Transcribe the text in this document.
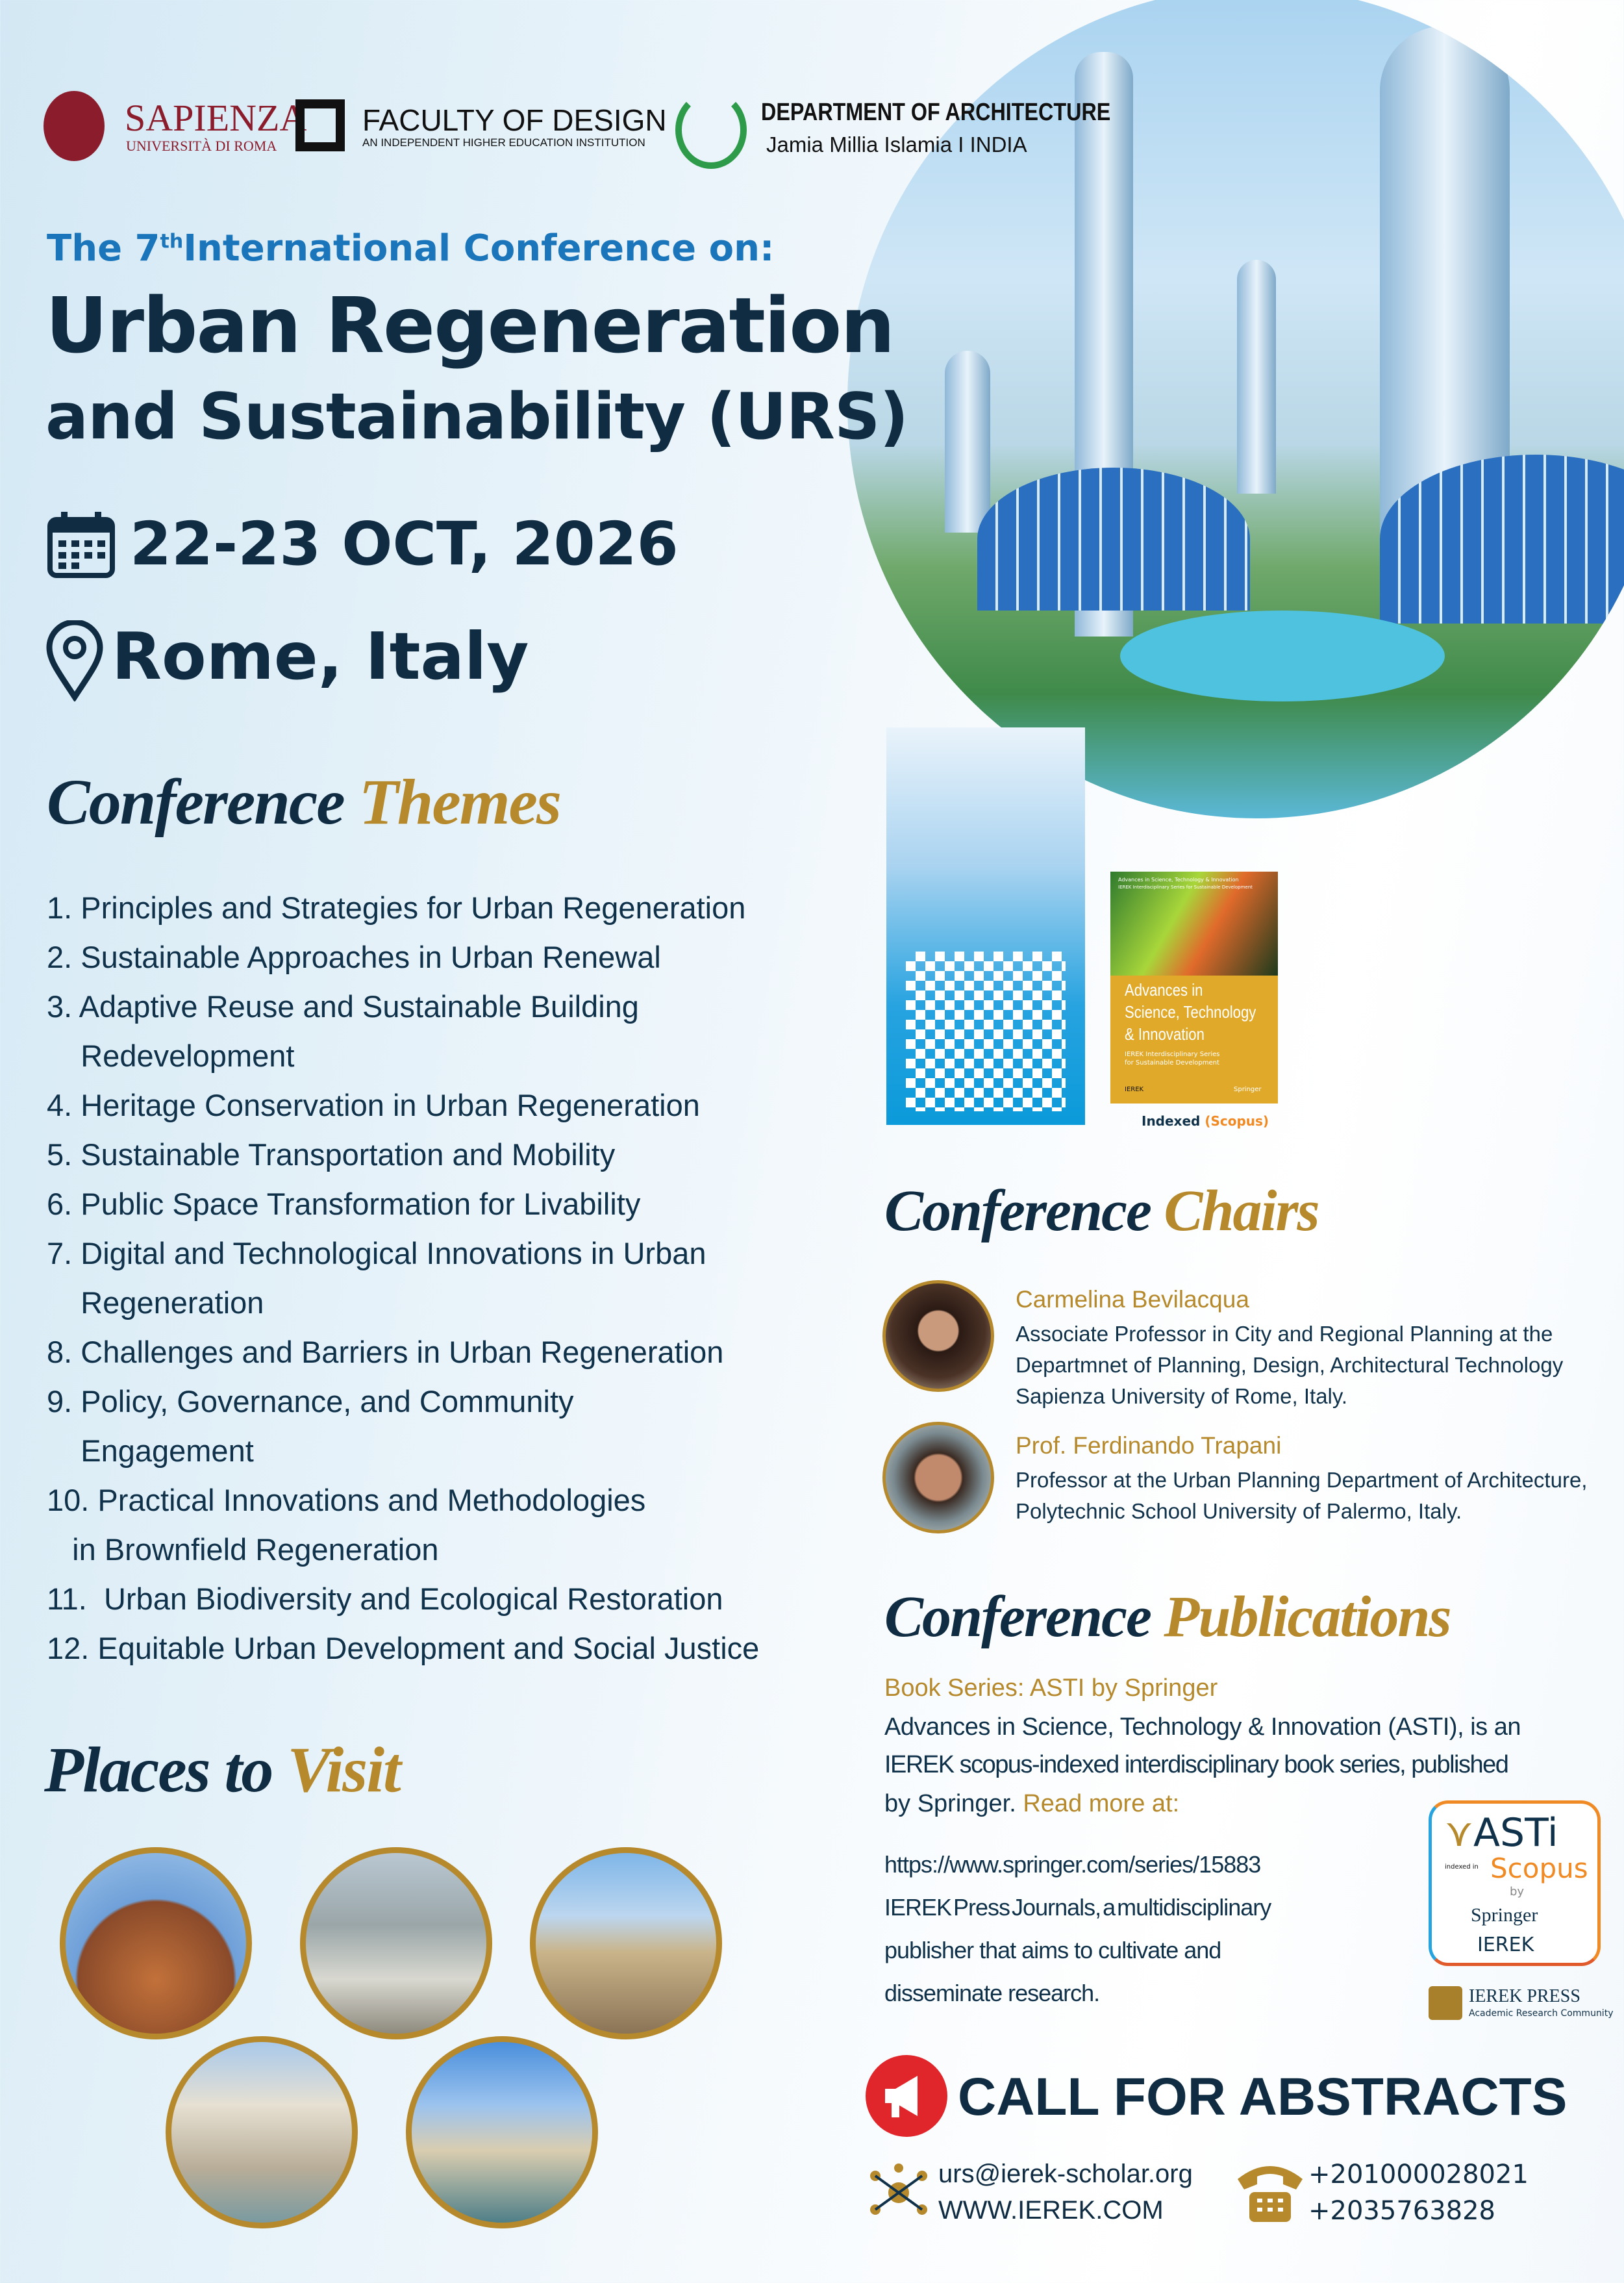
SAPIENZA
UNIVERSITÀ DI ROMA
FACULTY OF DESIGN
AN INDEPENDENT HIGHER EDUCATION INSTITUTION
DEPARTMENT OF ARCHITECTURE
Jamia Millia Islamia I INDIA
The 7thInternational Conference on:
Urban Regeneration
and Sustainability (URS)
22-23 OCT, 2026
Rome, Italy
Conference Themes
1. Principles and Strategies for Urban Regeneration
2. Sustainable Approaches in Urban Renewal
3. Adaptive Reuse and Sustainable Building
Redevelopment
4. Heritage Conservation in Urban Regeneration
5. Sustainable Transportation and Mobility
6. Public Space Transformation for Livability
7. Digital and Technological Innovations in Urban
Regeneration
8. Challenges and Barriers in Urban Regeneration
9. Policy, Governance, and Community
Engagement
10. Practical Innovations and Methodologies
in Brownfield Regeneration
11.  Urban Biodiversity and Ecological Restoration
12. Equitable Urban Development and Social Justice
Places to Visit
Advances in Science, Technology & Innovation
IEREK Interdisciplinary Series for Sustainable Development
Advances in
Science, Technology
& Innovation
IEREK Interdisciplinary Series
for Sustainable Development
IEREK	Springer
Indexed (Scopus)
Conference Chairs
Carmelina Bevilacqua
Associate Professor in City and Regional Planning at the Departmnet of Planning, Design, Architectural Technology Sapienza University of Rome, Italy.
Prof. Ferdinando Trapani
Professor at the Urban Planning Department of Architecture, Polytechnic School University of Palermo, Italy.
Conference Publications
Book Series: ASTI by Springer
Advances in Science, Technology & Innovation (ASTI), is an
IEREK scopus-indexed interdisciplinary book series, published
by Springer. Read more at:
https://www.springer.com/series/15883
IEREK Press Journals, a multidisciplinary
publisher that aims to cultivate and
disseminate research.
⋎ASTi
indexed in Scopus
by
Springer
IEREK
IEREK PRESS
Academic Research Community
CALL FOR ABSTRACTS
urs@ierek-scholar.org
WWW.IEREK.COM
+201000028021
+2035763828
